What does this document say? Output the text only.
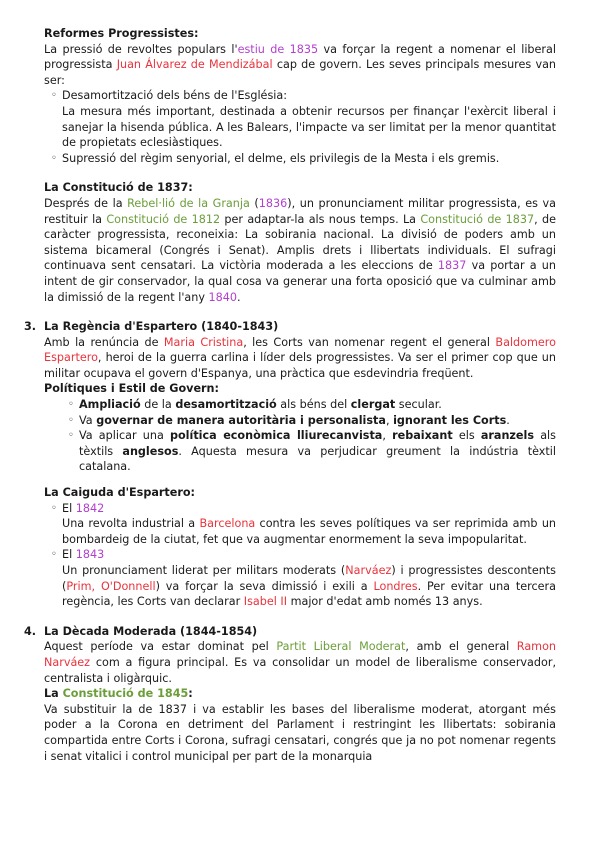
Reformes Progressistes:

La pressió de revoltes populars l'estiu de 1835 va forçar la regent a nomenar el liberal progressista Juan Álvarez de Mendizábal cap de govern. Les seves principals mesures van ser:

◦ Desamortització dels béns de l'Església:

La mesura més important, destinada a obtenir recursos per finançar l'exèrcit liberal i sanejar la hisenda pública. A les Balears, l'impacte va ser limitat per la menor quantitat de propietats eclesiàstiques.

◦ Supressió del règim senyorial, el delme, els privilegis de la Mesta i els gremis.

La Constitució de 1837:

Després de la Rebel·lió de la Granja (1836), un pronunciament militar progressista, es va restituir la Constitució de 1812 per adaptar-la als nous temps. La Constitució de 1837, de caràcter progressista, reconeixia: La sobirania nacional. La divisió de poders amb un sistema bicameral (Congrés i Senat). Amplis drets i llibertats individuals. El sufragi continuava sent censatari. La victòria moderada a les eleccions de 1837 va portar a un intent de gir conservador, la qual cosa va generar una forta oposició que va culminar amb la dimissió de la regent l'any 1840.

3. La Regència d'Espartero (1840-1843)

Amb la renúncia de Maria Cristina, les Corts van nomenar regent el general Baldomero Espartero, heroi de la guerra carlina i líder dels progressistes. Va ser el primer cop que un militar ocupava el govern d'Espanya, una pràctica que esdevindria freqüent.

Polítiques i Estil de Govern:

◦ Ampliació de la desamortització als béns del clergat secular.
◦ Va governar de manera autoritària i personalista, ignorant les Corts.
◦ Va aplicar una política econòmica lliurecanvista, rebaixant els aranzels als tèxtils anglesos. Aquesta mesura va perjudicar greument la indústria tèxtil catalana.

La Caiguda d'Espartero:

◦ El 1842

Una revolta industrial a Barcelona contra les seves polítiques va ser reprimida amb un bombardeig de la ciutat, fet que va augmentar enormement la seva impopularitat.

◦ El 1843

Un pronunciament liderat per militars moderats (Narváez) i progressistes descontents (Prim, O'Donnell) va forçar la seva dimissió i exili a Londres. Per evitar una tercera regència, les Corts van declarar Isabel II major d'edat amb només 13 anys.

4. La Dècada Moderada (1844-1854)

Aquest període va estar dominat pel Partit Liberal Moderat, amb el general Ramon Narváez com a figura principal. Es va consolidar un model de liberalisme conservador, centralista i oligàrquic.

La Constitució de 1845:

Va substituir la de 1837 i va establir les bases del liberalisme moderat, atorgant més poder a la Corona en detriment del Parlament i restringint les llibertats: sobirania compartida entre Corts i Corona, sufragi censatari, congrés que ja no pot nomenar regents i senat vitalici i control municipal per part de la monarquia
